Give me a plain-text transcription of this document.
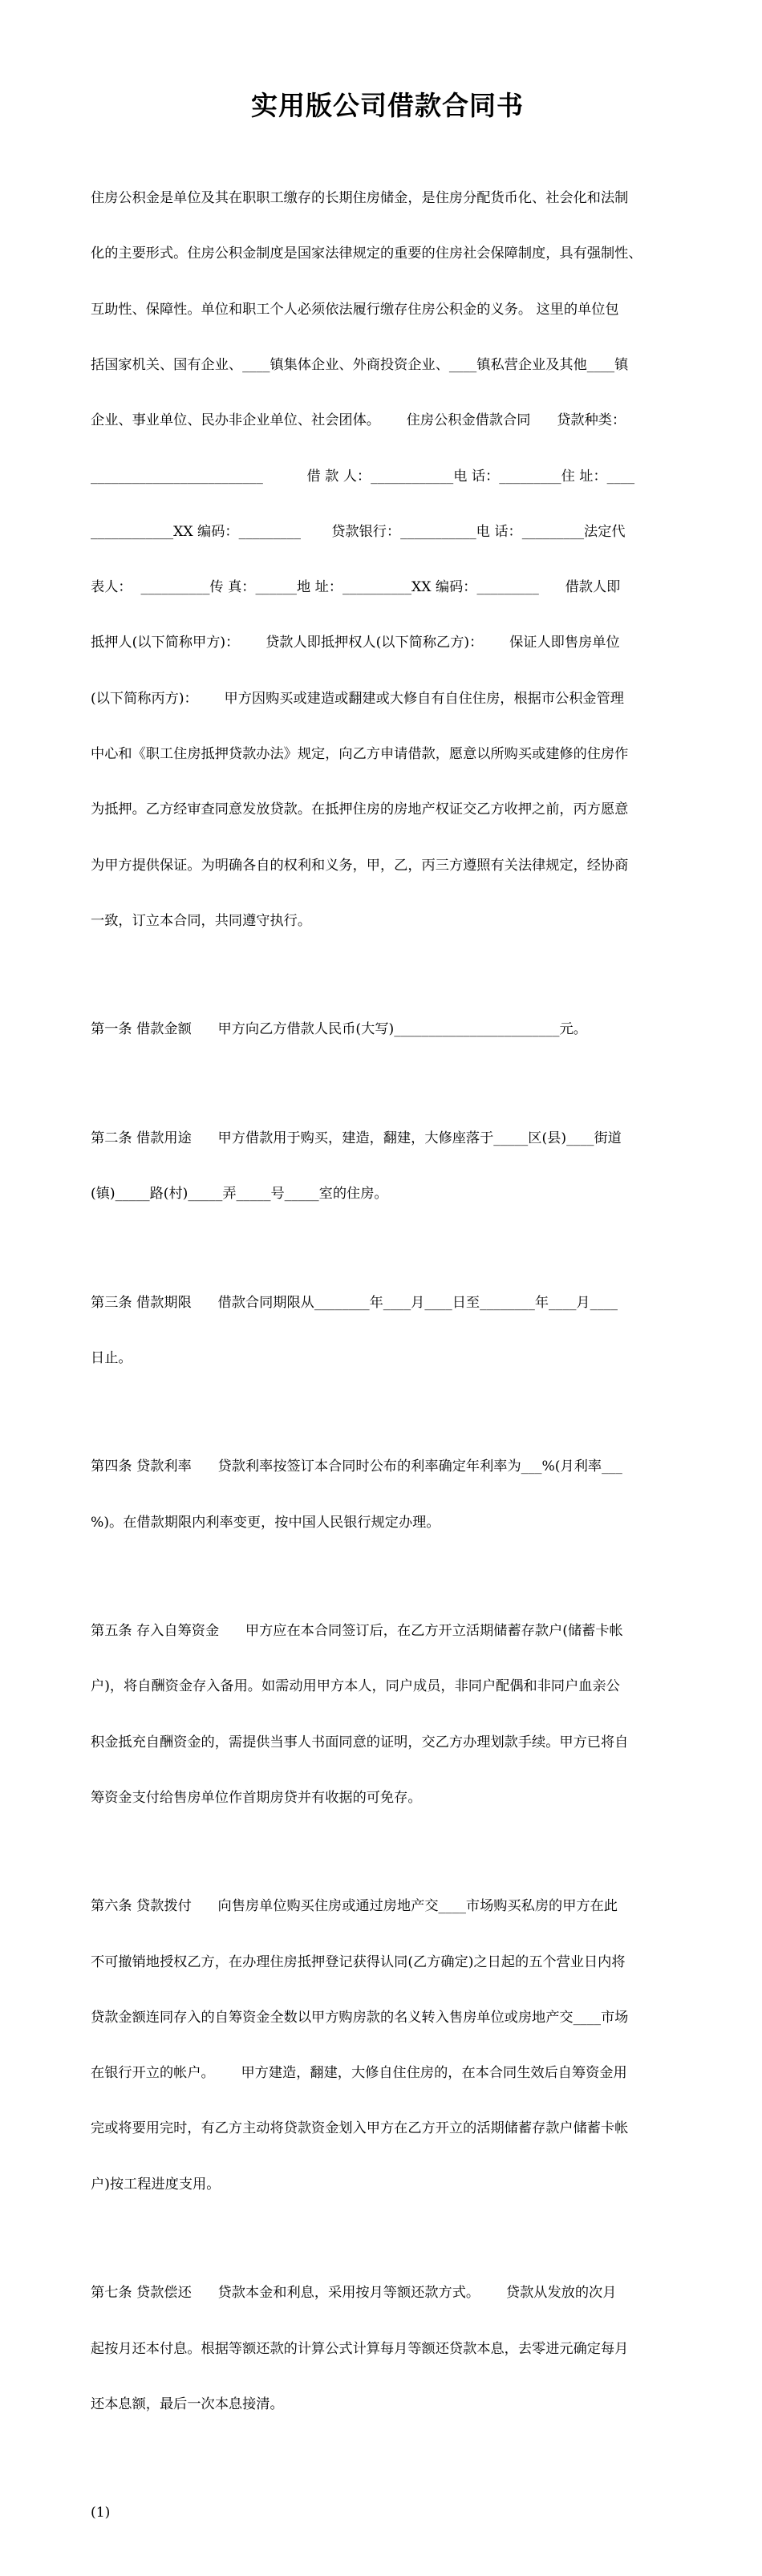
实用版公司借款合同书

住房公积金是单位及其在职职工缴存的长期住房储金，是住房分配货币化、社会化和法制

化的主要形式。住房公积金制度是国家法律规定的重要的住房社会保障制度，具有强制性、

互助性、保障性。单位和职工个人必须依法履行缴存住房公积金的义务。 这里的单位包

括国家机关、国有企业、____镇集体企业、外商投资企业、____镇私营企业及其他____镇

企业、事业单位、民办非企业单位、社会团体。      住房公积金借款合同      贷款种类：

_________________________          借 款 人：____________电 话：_________住 址：____

____________XX 编码：_________       贷款银行：___________电 话：_________法定代

表人：  __________传 真：______地 址：__________XX 编码：_________      借款人即

抵押人(以下简称甲方)：      贷款人即抵押权人(以下简称乙方)：      保证人即售房单位

(以下简称丙方)：      甲方因购买或建造或翻建或大修自有自住住房，根据市公积金管理

中心和《职工住房抵押贷款办法》规定，向乙方申请借款，愿意以所购买或建修的住房作

为抵押。乙方经审查同意发放贷款。在抵押住房的房地产权证交乙方收押之前，丙方愿意

为甲方提供保证。为明确各自的权利和义务，甲，乙，丙三方遵照有关法律规定，经协商

一致，订立本合同，共同遵守执行。

第一条 借款金额      甲方向乙方借款人民币(大写)________________________元。

第二条 借款用途      甲方借款用于购买，建造，翻建，大修座落于_____区(县)____街道

(镇)_____路(村)_____弄_____号_____室的住房。

第三条 借款期限      借款合同期限从________年____月____日至________年____月____

日止。

第四条 贷款利率      贷款利率按签订本合同时公布的利率确定年利率为___%(月利率___

%)。在借款期限内利率变更，按中国人民银行规定办理。

第五条 存入自筹资金      甲方应在本合同签订后，在乙方开立活期储蓄存款户(储蓄卡帐

户)，将自酬资金存入备用。如需动用甲方本人，同户成员，非同户配偶和非同户血亲公

积金抵充自酬资金的，需提供当事人书面同意的证明，交乙方办理划款手续。甲方已将自

筹资金支付给售房单位作首期房贷并有收据的可免存。

第六条 贷款拨付      向售房单位购买住房或通过房地产交____市场购买私房的甲方在此

不可撤销地授权乙方，在办理住房抵押登记获得认同(乙方确定)之日起的五个营业日内将

贷款金额连同存入的自筹资金全数以甲方购房款的名义转入售房单位或房地产交____市场

在银行开立的帐户。      甲方建造，翻建，大修自住住房的，在本合同生效后自筹资金用

完或将要用完时，有乙方主动将贷款资金划入甲方在乙方开立的活期储蓄存款户储蓄卡帐

户)按工程进度支用。

第七条 贷款偿还      贷款本金和利息，采用按月等额还款方式。      贷款从发放的次月

起按月还本付息。根据等额还款的计算公式计算每月等额还贷款本息，去零进元确定每月

还本息额，最后一次本息接清。

(1)
